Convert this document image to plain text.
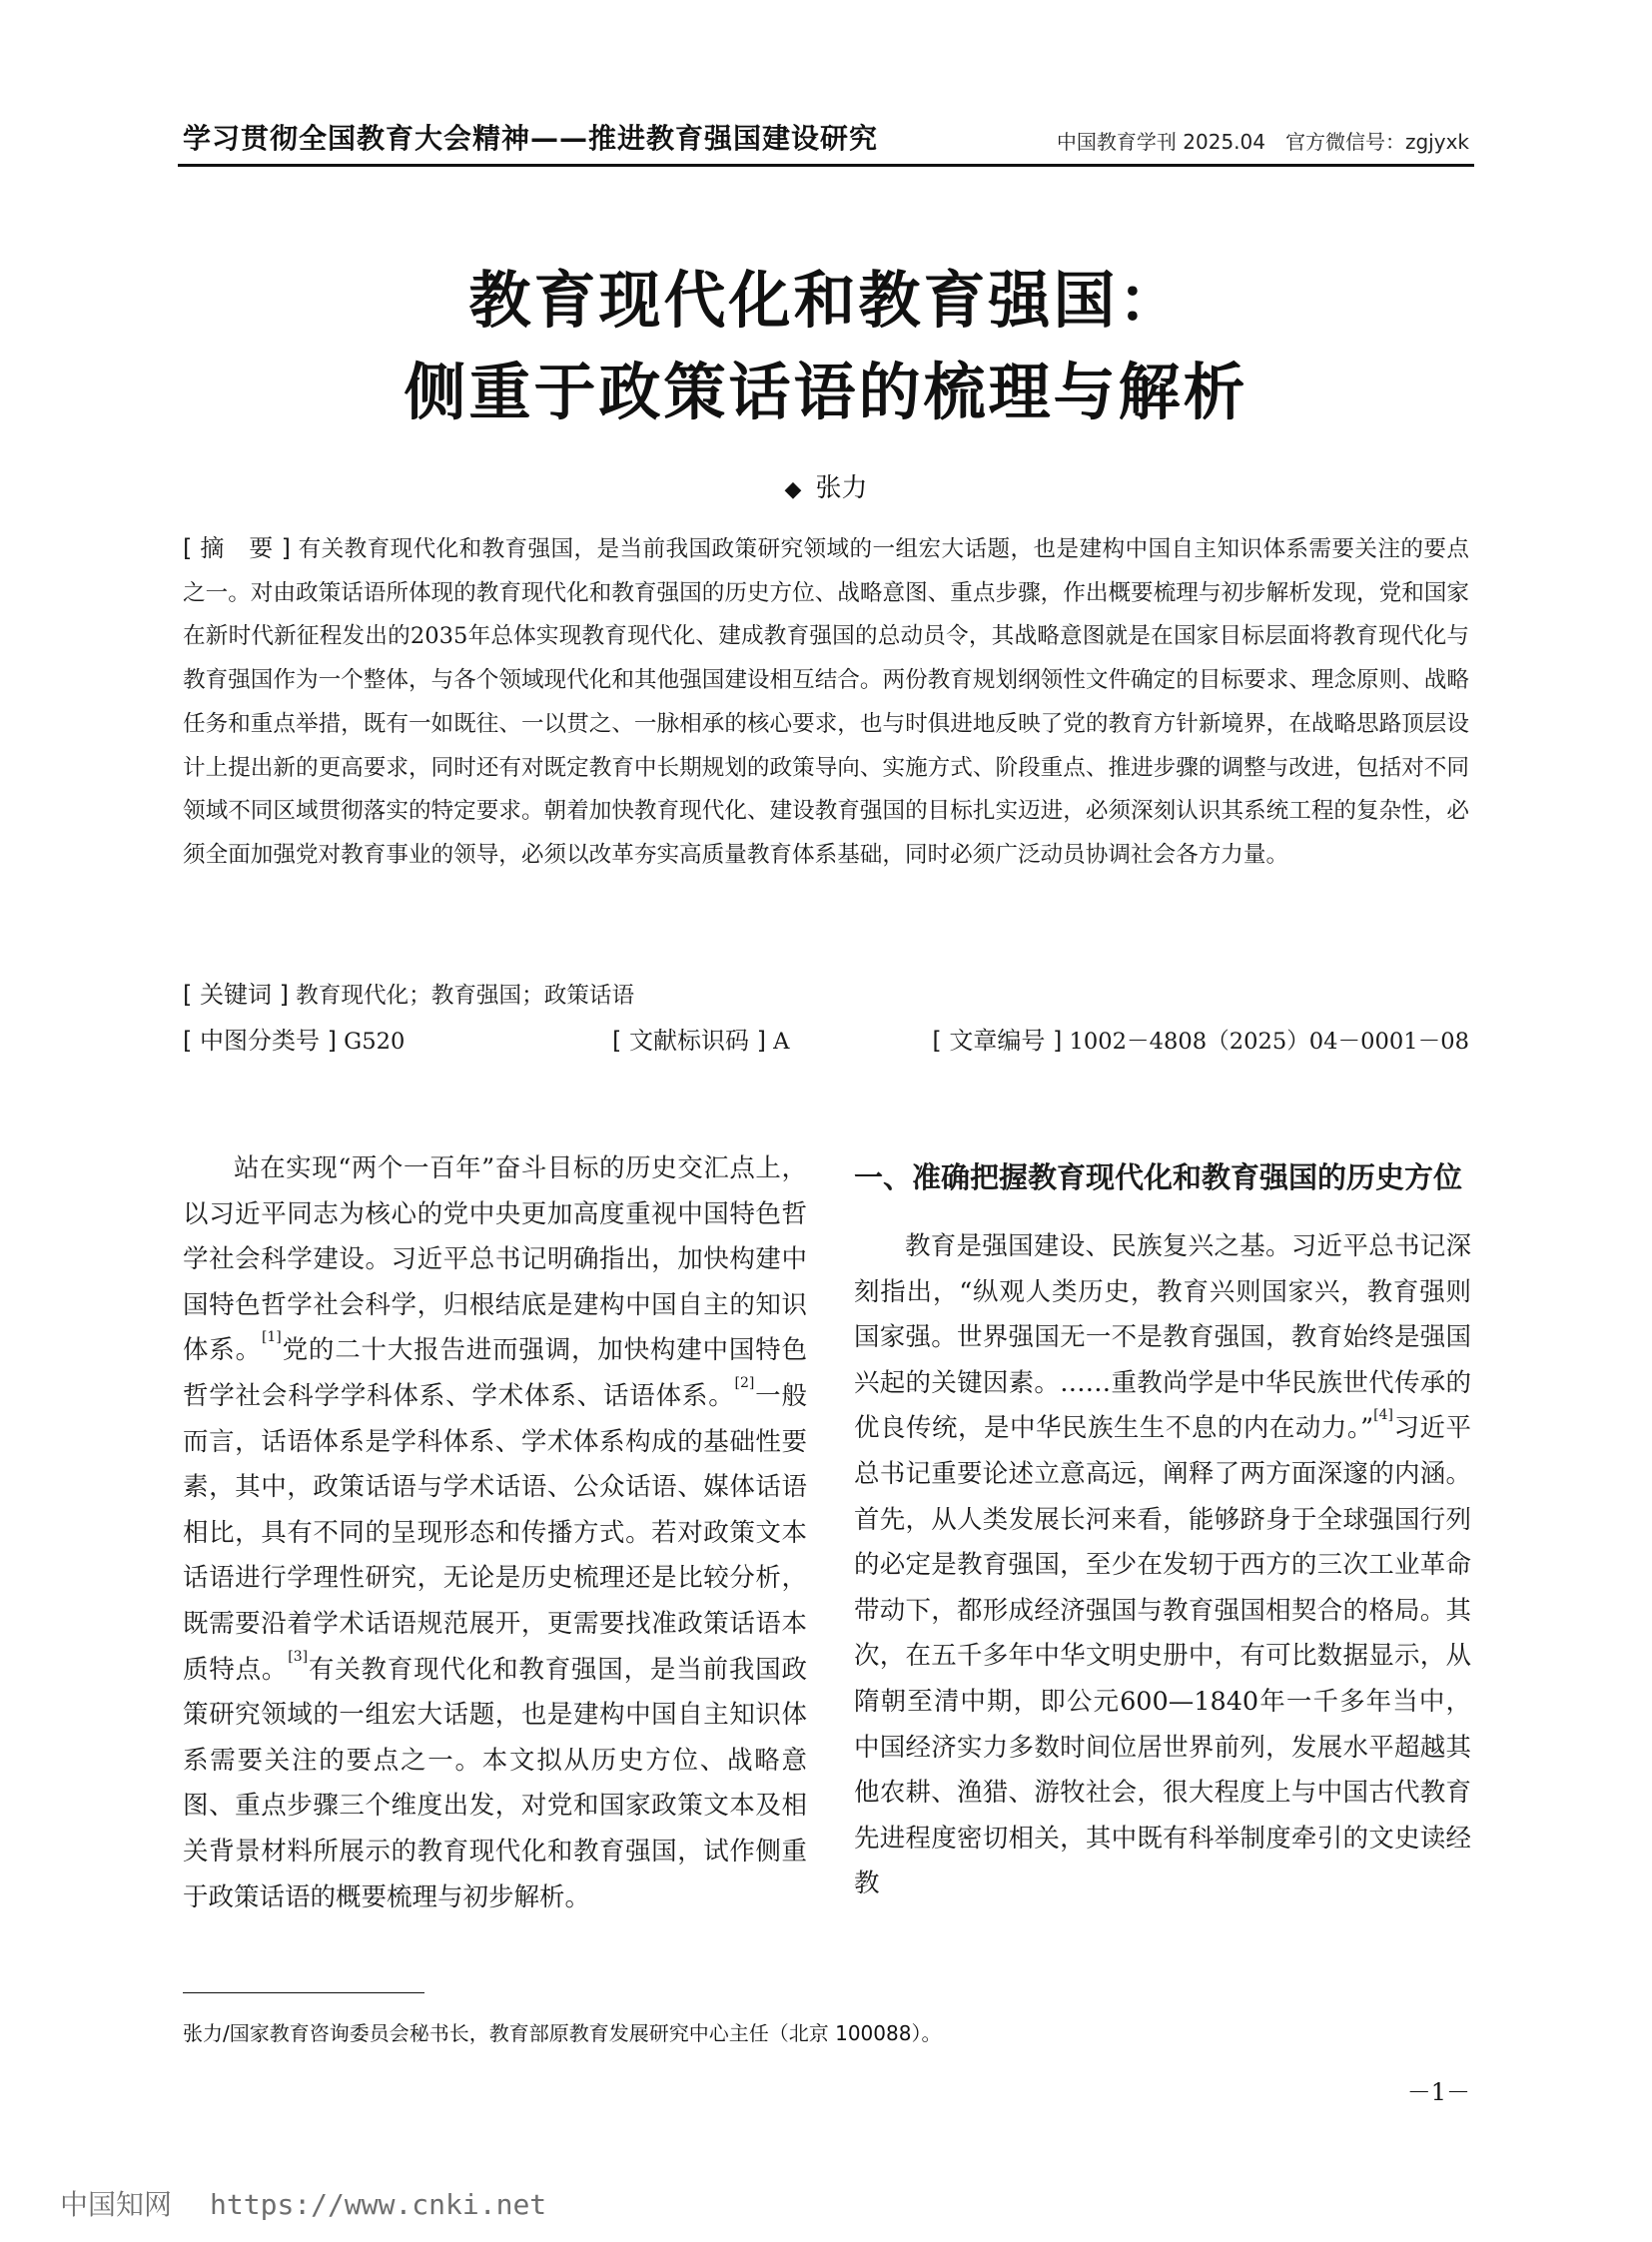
学习贯彻全国教育大会精神——推进教育强国建设研究	中国教育学刊 2025.04　官方微信号：zgjyxk
教育现代化和教育强国：
侧重于政策话语的梳理与解析
◆ 张力
[ 摘　要 ] 有关教育现代化和教育强国，是当前我国政策研究领域的一组宏大话题，也是建构中国自主知识体系需要关注的要点之一。对由政策话语所体现的教育现代化和教育强国的历史方位、战略意图、重点步骤，作出概要梳理与初步解析发现，党和国家在新时代新征程发出的2035年总体实现教育现代化、建成教育强国的总动员令，其战略意图就是在国家目标层面将教育现代化与教育强国作为一个整体，与各个领域现代化和其他强国建设相互结合。两份教育规划纲领性文件确定的目标要求、理念原则、战略任务和重点举措，既有一如既往、一以贯之、一脉相承的核心要求，也与时俱进地反映了党的教育方针新境界，在战略思路顶层设计上提出新的更高要求，同时还有对既定教育中长期规划的政策导向、实施方式、阶段重点、推进步骤的调整与改进，包括对不同领域不同区域贯彻落实的特定要求。朝着加快教育现代化、建设教育强国的目标扎实迈进，必须深刻认识其系统工程的复杂性，必须全面加强党对教育事业的领导，必须以改革夯实高质量教育体系基础，同时必须广泛动员协调社会各方力量。
[ 关键词 ] 教育现代化；教育强国；政策话语
[ 中图分类号 ] G520	[ 文献标识码 ] A	[ 文章编号 ] 1002－4808（2025）04－0001－08

站在实现“两个一百年”奋斗目标的历史交汇点上，以习近平同志为核心的党中央更加高度重视中国特色哲学社会科学建设。习近平总书记明确指出，加快构建中国特色哲学社会科学，归根结底是建构中国自主的知识体系。[1]党的二十大报告进而强调，加快构建中国特色哲学社会科学学科体系、学术体系、话语体系。[2]一般而言，话语体系是学科体系、学术体系构成的基础性要素，其中，政策话语与学术话语、公众话语、媒体话语相比，具有不同的呈现形态和传播方式。若对政策文本话语进行学理性研究，无论是历史梳理还是比较分析，既需要沿着学术话语规范展开，更需要找准政策话语本质特点。[3]有关教育现代化和教育强国，是当前我国政策研究领域的一组宏大话题，也是建构中国自主知识体系需要关注的要点之一。本文拟从历史方位、战略意图、重点步骤三个维度出发，对党和国家政策文本及相关背景材料所展示的教育现代化和教育强国，试作侧重于政策话语的概要梳理与初步解析。

一、准确把握教育现代化和教育强国的历史方位

教育是强国建设、民族复兴之基。习近平总书记深刻指出，“纵观人类历史，教育兴则国家兴，教育强则国家强。世界强国无一不是教育强国，教育始终是强国兴起的关键因素。……重教尚学是中华民族世代传承的优良传统，是中华民族生生不息的内在动力。”[4]习近平总书记重要论述立意高远，阐释了两方面深邃的内涵。首先，从人类发展长河来看，能够跻身于全球强国行列的必定是教育强国，至少在发轫于西方的三次工业革命带动下，都形成经济强国与教育强国相契合的格局。其次，在五千多年中华文明史册中，有可比数据显示，从隋朝至清中期，即公元600—1840年一千多年当中，中国经济实力多数时间位居世界前列，发展水平超越其他农耕、渔猎、游牧社会，很大程度上与中国古代教育先进程度密切相关，其中既有科举制度牵引的文史读经教

张力/国家教育咨询委员会秘书长，教育部原教育发展研究中心主任（北京 100088）。
－1－
中国知网 https://www.cnki.net
